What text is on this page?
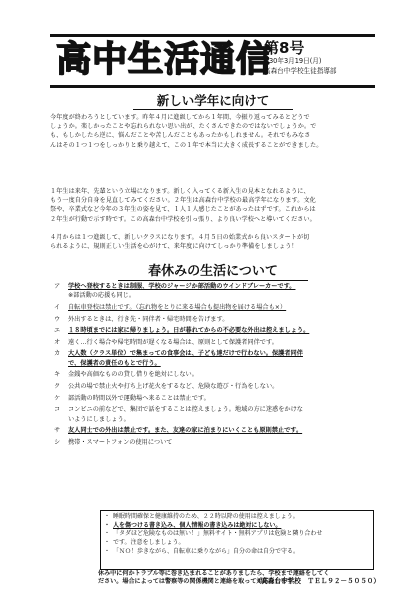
高中生活通信
第8号
H30年3月19日(月)
高森台中学校生徒指導部
新しい学年に向けて
今年度が終わろうとしています。昨年４月に進級してから１年間、今振り返ってみるとどうで
しょうか。楽しかったことや忘れられない思い出が、たくさんできたのではないでしょうか。で
も、もしかしたら逆に、悩んだことや苦しんだこともあったかもしれません。それでもみなさ
んはその１つ１つをしっかりと乗り越えて、この１年で本当に大きく成長することができました。
１年生は来年、先輩という立場になります。新しく入ってくる新入生の見本となれるように、
もう一度自分自身を見直してみてください。２年生は高森台中学校の最高学年になります。文化
祭や、卒業式など今年の３年生の姿を見て、１人１人感じたことがあったはずです。これからは
２年生が行動で示す時です。この高森台中学校を引っ張り、より良い学校へと導いてください。
４月からは１つ進級して、新しいクラスになります。４月５日の始業式から良いスタートが切
られるように、規則正しい生活を心がけて、来年度に向けてしっかり準備をしましょう！
春休みの生活について
ア 学校へ登校するときは制服、学校のジャージか部活動のウインドブレーカーです。
※部活動の応援も同じ。
イ 自転車登校は禁止です。（忘れ物をとりに来る場合も提出物を届ける場合も×）
ウ 外出するときは、行き先・同伴者・帰宅時間を告げます。
エ １８時頃までには家に帰りましょう。日が暮れてからの不必要な外出は控えましょう。
オ 遠く…行く場合や帰宅時間が遅くなる場合は、原則として保護者同伴です。
カ 大人数（クラス単位）で集まっての食事会は、子ども達だけで行わない。保護者同伴
で、保護者の責任のもとで行う。
キ 金銭や高価なものの貸し借りを絶対にしない。
ク 公共の場で禁止火や打ち上げ花火をするなど、危険な遊び・行為をしない。
ケ 部活動の時間以外で運動場へ来ることは禁止です。
コ コンビニの前などで、集団で話をすることは控えましょう。地域の方に迷惑をかけな
いようにしましょう。
サ 友人同士での外出は禁止です。また、友達の家に泊まりにいくことも原則禁止です。
シ 携帯・スマートフォンの使用について
・ 睡眠時間確保と健康維持のため、２２時以降の使用は控えましょう。
・ 人を傷つける書き込み、個人情報の書き込みは絶対にしない。
・ 「タダほど危険なものは無い！」無料サイト・無料アプリは危険と隣り合わせ
・ です。注意をしましょう。
・ 「ＮＯ！歩きながら、自転車に乗りながら」自分の命は自分で守る。
休み中に何かトラブル等に巻き込まれることがありましたら、学校まで連絡をしてく
ださい。場合によっては警察等の関係機関と連絡を取って対応をします。
（高森台中学校　ＴＥＬ９２－５０５０）
